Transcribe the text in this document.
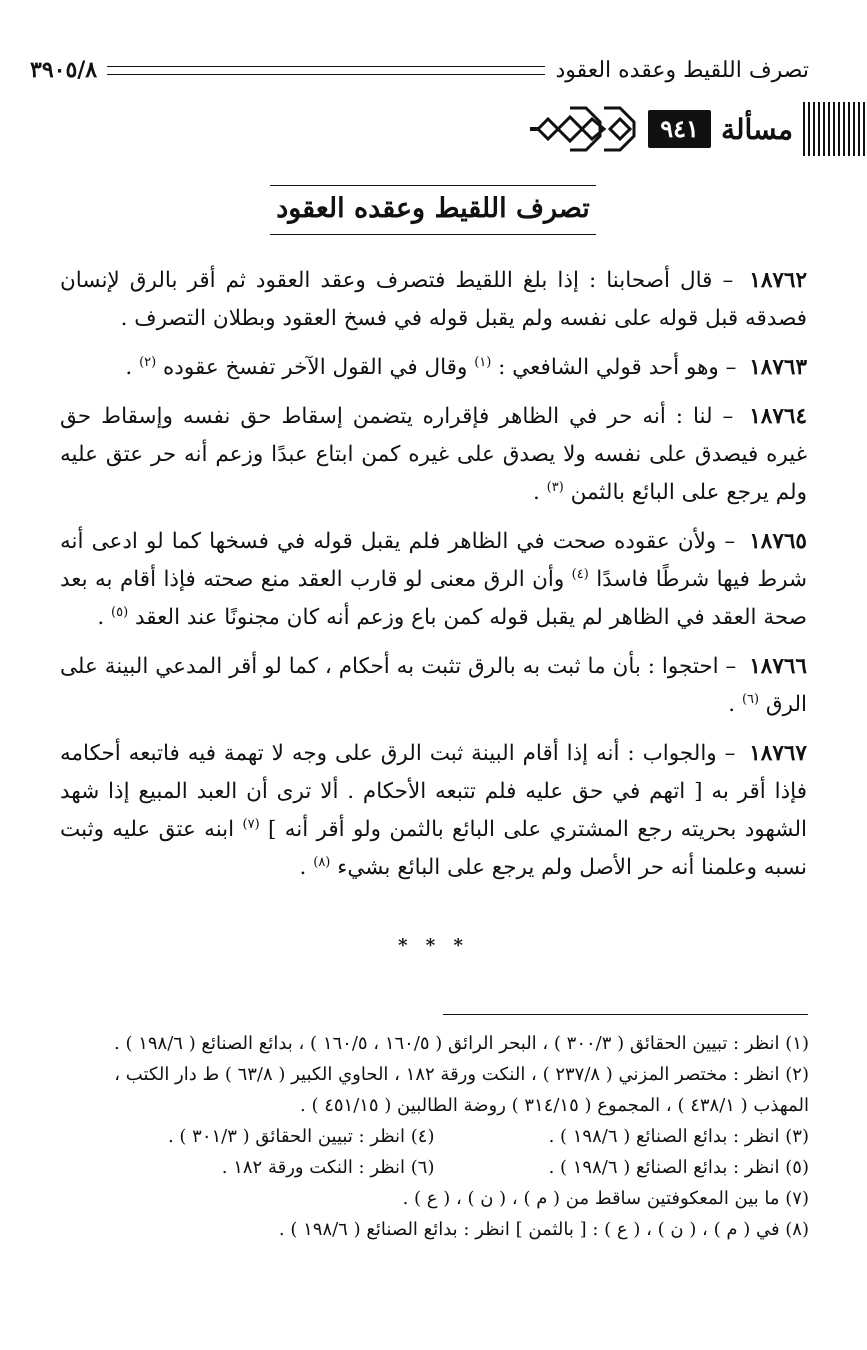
تصرف اللقيط وعقده العقود
٣٩٠٥/٨
مسألة
٩٤١
تصرف اللقيط وعقده العقود

١٨٧٦٢ – قال أصحابنا : إذا بلغ اللقيط فتصرف وعقد العقود ثم أقر بالرق لإنسان فصدقه قبل قوله على نفسه ولم يقبل قوله في فسخ العقود وبطلان التصرف .

١٨٧٦٣ – وهو أحد قولي الشافعي : $^{(١)}$ وقال في القول الآخر تفسخ عقوده $^{(٢)}$ .

١٨٧٦٤ – لنا : أنه حر في الظاهر فإقراره يتضمن إسقاط حق نفسه وإسقاط حق غيره فيصدق على نفسه ولا يصدق على غيره كمن ابتاع عبدًا وزعم أنه حر عتق عليه ولم يرجع على البائع بالثمن $^{(٣)}$ .

١٨٧٦٥ – ولأن عقوده صحت في الظاهر فلم يقبل قوله في فسخها كما لو ادعى أنه شرط فيها شرطًا فاسدًا $^{(٤)}$ وأن الرق معنى لو قارب العقد منع صحته فإذا أقام به بعد صحة العقد في الظاهر لم يقبل قوله كمن باع وزعم أنه كان مجنونًا عند العقد $^{(٥)}$ .

١٨٧٦٦ – احتجوا : بأن ما ثبت به بالرق تثبت به أحكام ، كما لو أقر المدعي البينة على الرق $^{(٦)}$ .

١٨٧٦٧ – والجواب : أنه إذا أقام البينة ثبت الرق على وجه لا تهمة فيه فاتبعه أحكامه فإذا أقر به [ اتهم في حق عليه فلم تتبعه الأحكام . ألا ترى أن العبد المبيع إذا شهد الشهود بحريته رجع المشتري على البائع بالثمن ولو أقر أنه ] $^{(٧)}$ ابنه عتق عليه وثبت نسبه وعلمنا أنه حر الأصل ولم يرجع على البائع بشيء $^{(٨)}$ .

* * *
(١) انظر : تبيين الحقائق ( ٣٠٠/٣ ) ، البحر الرائق ( ١٦٠/٥ ، ١٦٠/٥ ) ، بدائع الصنائع ( ١٩٨/٦ ) .
(٢) انظر : مختصر المزني ( ٢٣٧/٨ ) ، النكت ورقة ١٨٢ ، الحاوي الكبير ( ٦٣/٨ ) ط دار الكتب ،
المهذب ( ٤٣٨/١ ) ، المجموع ( ٣١٤/١٥ ) روضة الطالبين ( ٤٥١/١٥ ) .
(٣) انظر : بدائع الصنائع ( ١٩٨/٦ ) .
(٤) انظر : تبيين الحقائق ( ٣٠١/٣ ) .
(٥) انظر : بدائع الصنائع ( ١٩٨/٦ ) .
(٦) انظر : النكت ورقة ١٨٢ .
(٧) ما بين المعكوفتين ساقط من ( م ) ، ( ن ) ، ( ع ) .
(٨) في ( م ) ، ( ن ) ، ( ع ) : [ بالثمن ] انظر : بدائع الصنائع ( ١٩٨/٦ ) .
